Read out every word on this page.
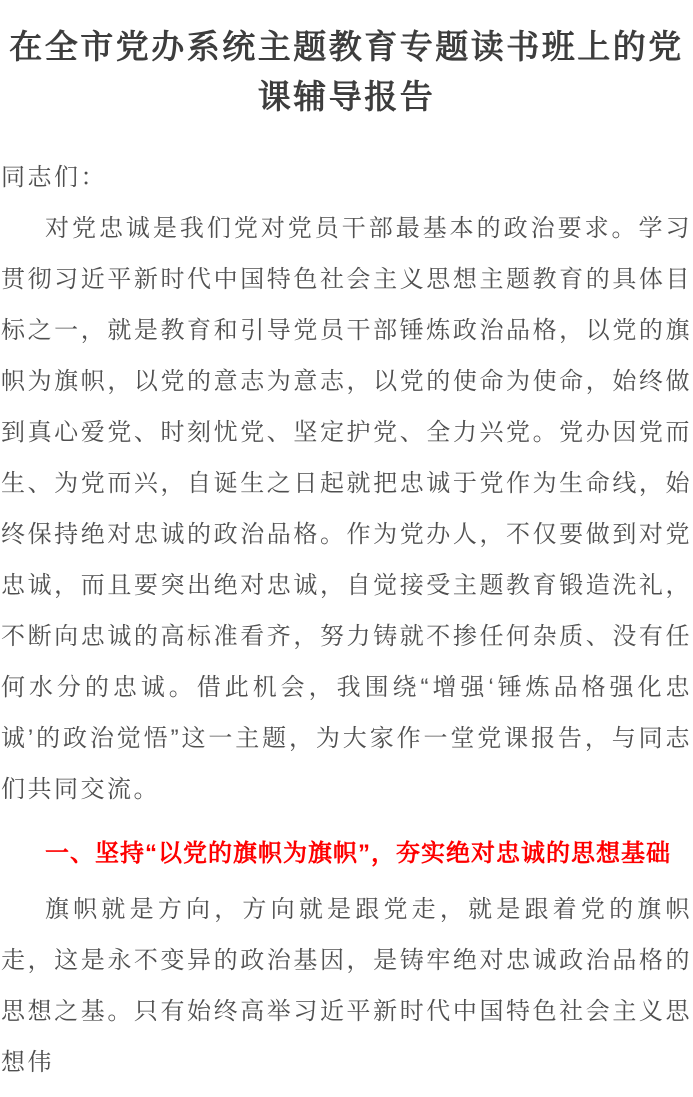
在全市党办系统主题教育专题读书班上的党课辅导报告

同志们：

对党忠诚是我们党对党员干部最基本的政治要求。学习贯彻习近平新时代中国特色社会主义思想主题教育的具体目标之一，就是教育和引导党员干部锤炼政治品格，以党的旗帜为旗帜，以党的意志为意志，以党的使命为使命，始终做到真心爱党、时刻忧党、坚定护党、全力兴党。党办因党而生、为党而兴，自诞生之日起就把忠诚于党作为生命线，始终保持绝对忠诚的政治品格。作为党办人，不仅要做到对党忠诚，而且要突出绝对忠诚，自觉接受主题教育锻造洗礼，不断向忠诚的高标准看齐，努力铸就不掺任何杂质、没有任何水分的忠诚。借此机会，我围绕“增强‘锤炼品格强化忠诚’的政治觉悟”这一主题，为大家作一堂党课报告，与同志们共同交流。

一、坚持“以党的旗帜为旗帜”，夯实绝对忠诚的思想基础

旗帜就是方向，方向就是跟党走，就是跟着党的旗帜走，这是永不变异的政治基因，是铸牢绝对忠诚政治品格的思想之基。只有始终高举习近平新时代中国特色社会主义思想伟
